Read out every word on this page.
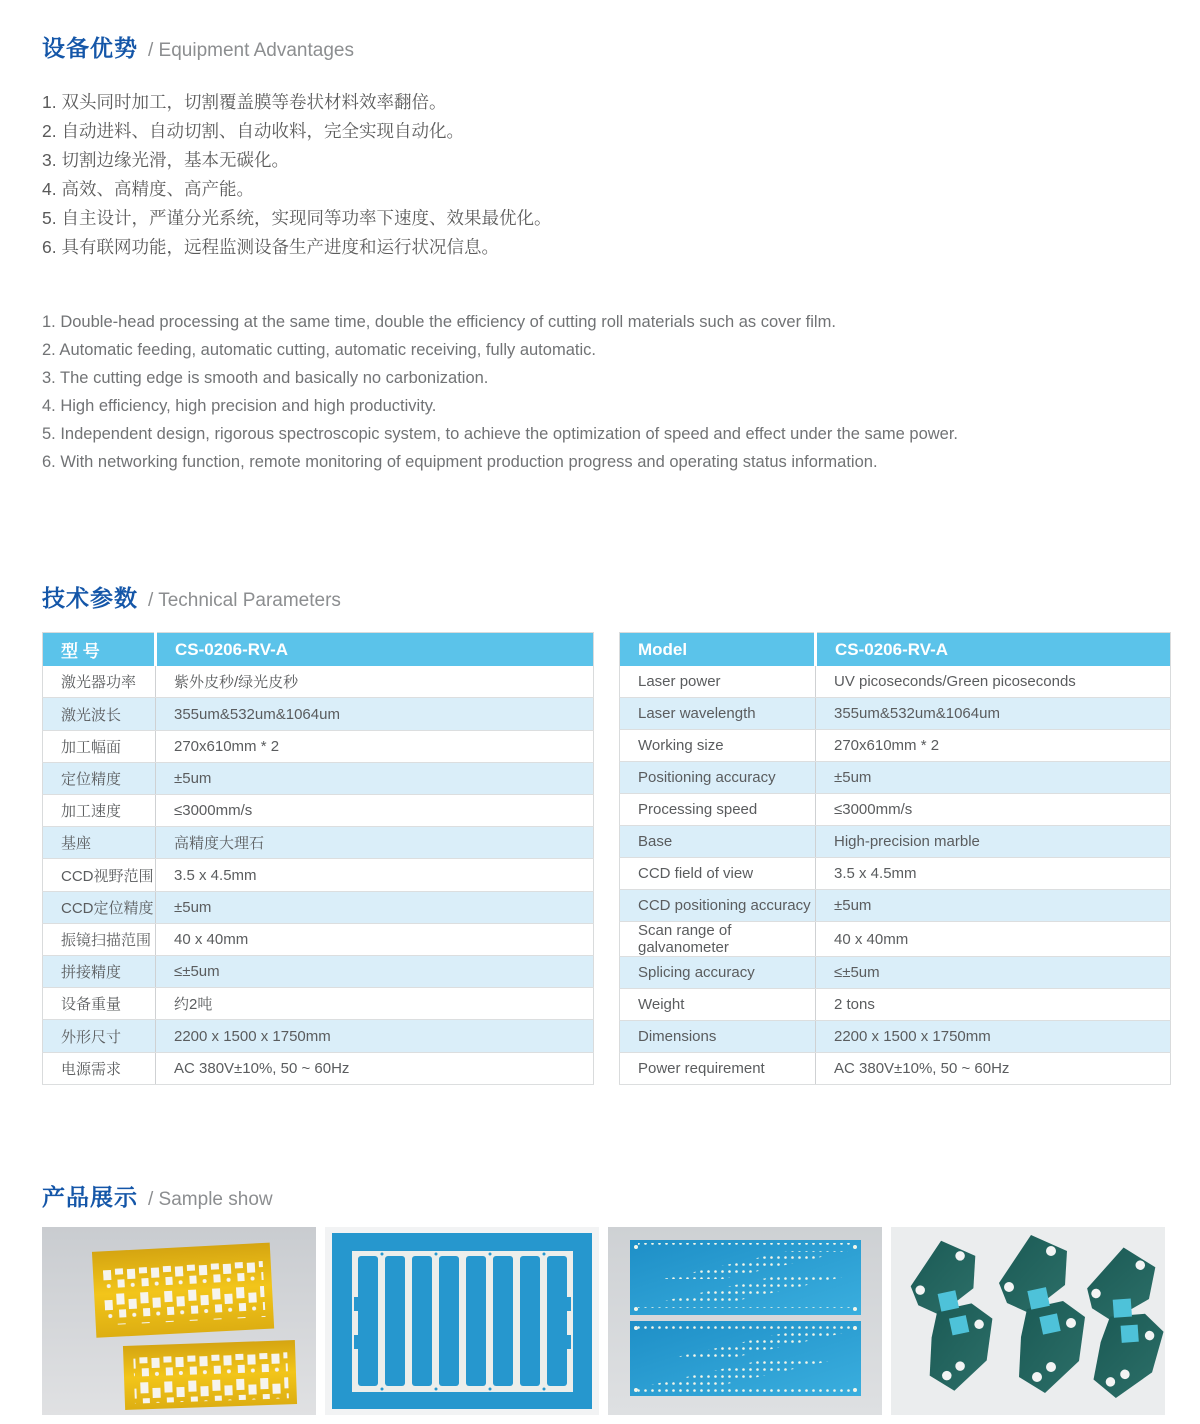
设备优势 / Equipment Advantages
1. 双头同时加工，切割覆盖膜等卷状材料效率翻倍。
2. 自动进料、自动切割、自动收料，完全实现自动化。
3. 切割边缘光滑，基本无碳化。
4. 高效、高精度、高产能。
5. 自主设计，严谨分光系统，实现同等功率下速度、效果最优化。
6. 具有联网功能，远程监测设备生产进度和运行状况信息。
1. Double-head processing at the same time, double the efficiency of cutting roll materials such as cover film.
2. Automatic feeding, automatic cutting, automatic receiving, fully automatic.
3. The cutting edge is smooth and basically no carbonization.
4. High efficiency, high precision and high productivity.
5. Independent design, rigorous spectroscopic system, to achieve the optimization of speed and effect under the same power.
6. With networking function, remote monitoring of equipment production progress and operating status information.
技术参数 / Technical Parameters
型 号	CS-0206-RV-A
激光器功率	紫外皮秒/绿光皮秒
激光波长	355um&532um&1064um
加工幅面	270x610mm * 2
定位精度	±5um
加工速度	≤3000mm/s
基座	高精度大理石
CCD视野范围	3.5 x 4.5mm
CCD定位精度	±5um
振镜扫描范围	40 x 40mm
拼接精度	≤±5um
设备重量	约2吨
外形尺寸	2200 x 1500 x 1750mm
电源需求	AC 380V±10%, 50 ~ 60Hz
Model	CS-0206-RV-A
Laser power	UV picoseconds/Green picoseconds
Laser wavelength	355um&532um&1064um
Working size	270x610mm * 2
Positioning accuracy	±5um
Processing speed	≤3000mm/s
Base	High-precision marble
CCD field of view	3.5 x 4.5mm
CCD positioning accuracy	±5um
Scan range of galvanometer	40 x 40mm
Splicing accuracy	≤±5um
Weight	2 tons
Dimensions	2200 x 1500 x 1750mm
Power requirement	AC 380V±10%, 50 ~ 60Hz
产品展示 / Sample show
